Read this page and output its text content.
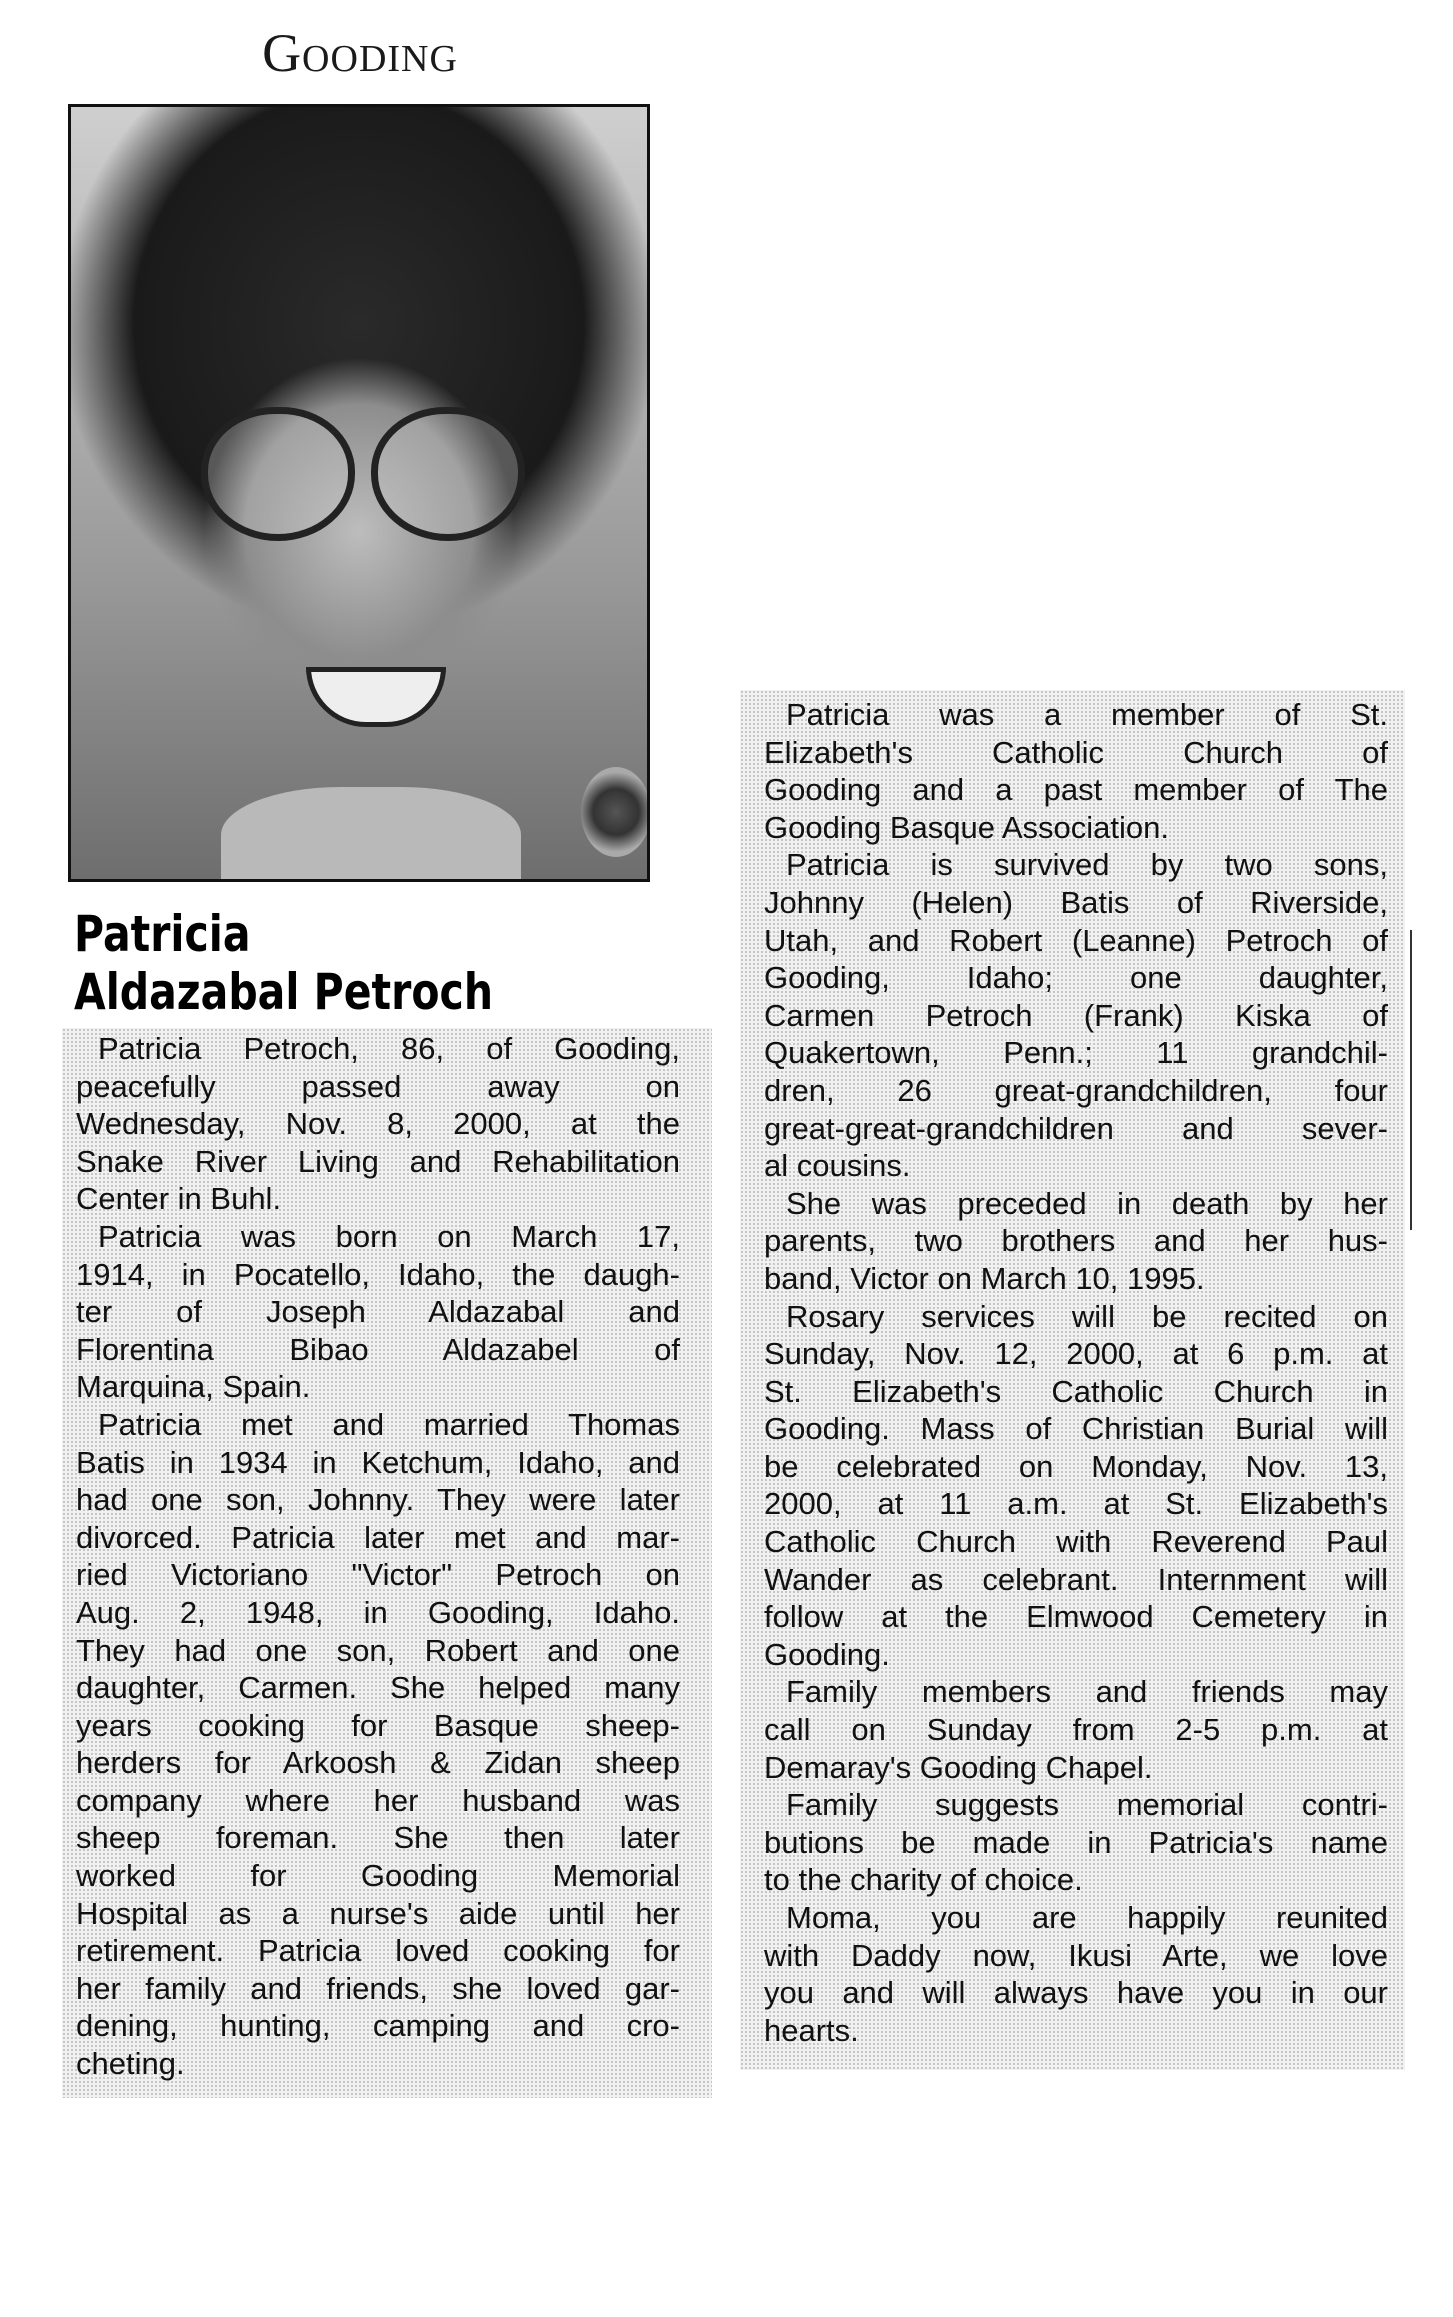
Gooding
Patricia
Aldazabal Petroch
Patricia Petroch, 86, of Gooding,
peacefully passed away on
Wednesday, Nov. 8, 2000, at the
Snake River Living and Rehabilitation
Center in Buhl.
Patricia was born on March 17,
1914, in Pocatello, Idaho, the daugh-
ter of Joseph Aldazabal and
Florentina Bibao Aldazabel of
Marquina, Spain.
Patricia met and married Thomas
Batis in 1934 in Ketchum, Idaho, and
had one son, Johnny. They were later
divorced. Patricia later met and mar-
ried Victoriano "Victor" Petroch on
Aug. 2, 1948, in Gooding, Idaho.
They had one son, Robert and one
daughter, Carmen. She helped many
years cooking for Basque sheep-
herders for Arkoosh & Zidan sheep
company where her husband was
sheep foreman. She then later
worked for Gooding Memorial
Hospital as a nurse's aide until her
retirement. Patricia loved cooking for
her family and friends, she loved gar-
dening, hunting, camping and cro-
cheting.
Patricia was a member of St.
Elizabeth's Catholic Church of
Gooding and a past member of The
Gooding Basque Association.
Patricia is survived by two sons,
Johnny (Helen) Batis of Riverside,
Utah, and Robert (Leanne) Petroch of
Gooding, Idaho; one daughter,
Carmen Petroch (Frank) Kiska of
Quakertown, Penn.; 11 grandchil-
dren, 26 great-grandchildren, four
great-great-grandchildren and sever-
al cousins.
She was preceded in death by her
parents, two brothers and her hus-
band, Victor on March 10, 1995.
Rosary services will be recited on
Sunday, Nov. 12, 2000, at 6 p.m. at
St. Elizabeth's Catholic Church in
Gooding. Mass of Christian Burial will
be celebrated on Monday, Nov. 13,
2000, at 11 a.m. at St. Elizabeth's
Catholic Church with Reverend Paul
Wander as celebrant. Internment will
follow at the Elmwood Cemetery in
Gooding.
Family members and friends may
call on Sunday from 2-5 p.m. at
Demaray's Gooding Chapel.
Family suggests memorial contri-
butions be made in Patricia's name
to the charity of choice.
Moma, you are happily reunited
with Daddy now, Ikusi Arte, we love
you and will always have you in our
hearts.
